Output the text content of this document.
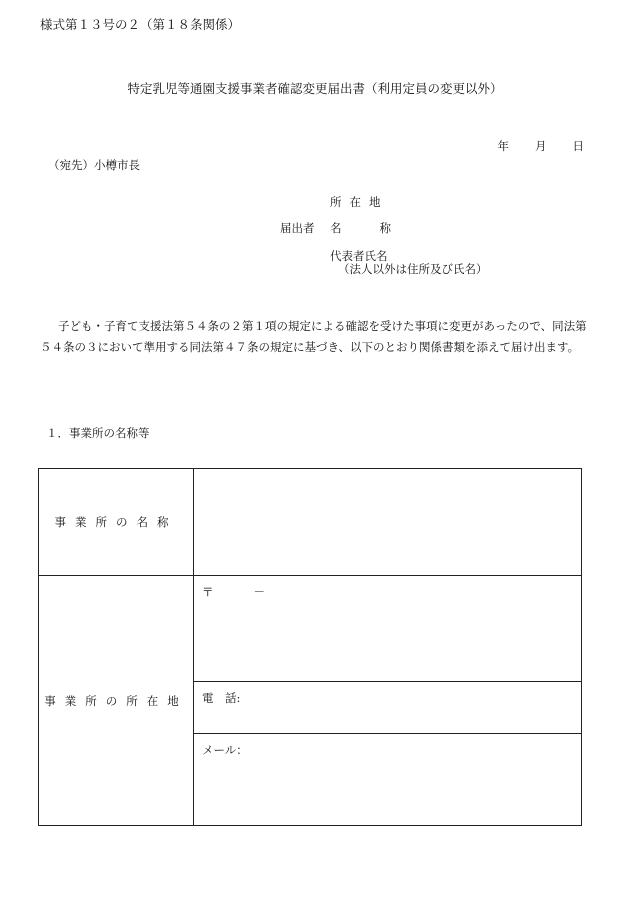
様式第１３号の２（第１８条関係）
特定乳児等通園支援事業者確認変更届出書（利用定員の変更以外）
年 月 日
（宛先）小樽市長
所在地
届出者 名	称
代表者氏名
（法人以外は住所及び氏名）
子ども・子育て支援法第５４条の２第１項の規定による確認を受けた事項に変更があったので、同法第５４条の３において準用する同法第４７条の規定に基づき、以下のとおり関係書類を添えて届け出ます。
１．事業所の名称等
事業所の名称	
事業所の所在地	〒 －

	電　話:

	メール：
